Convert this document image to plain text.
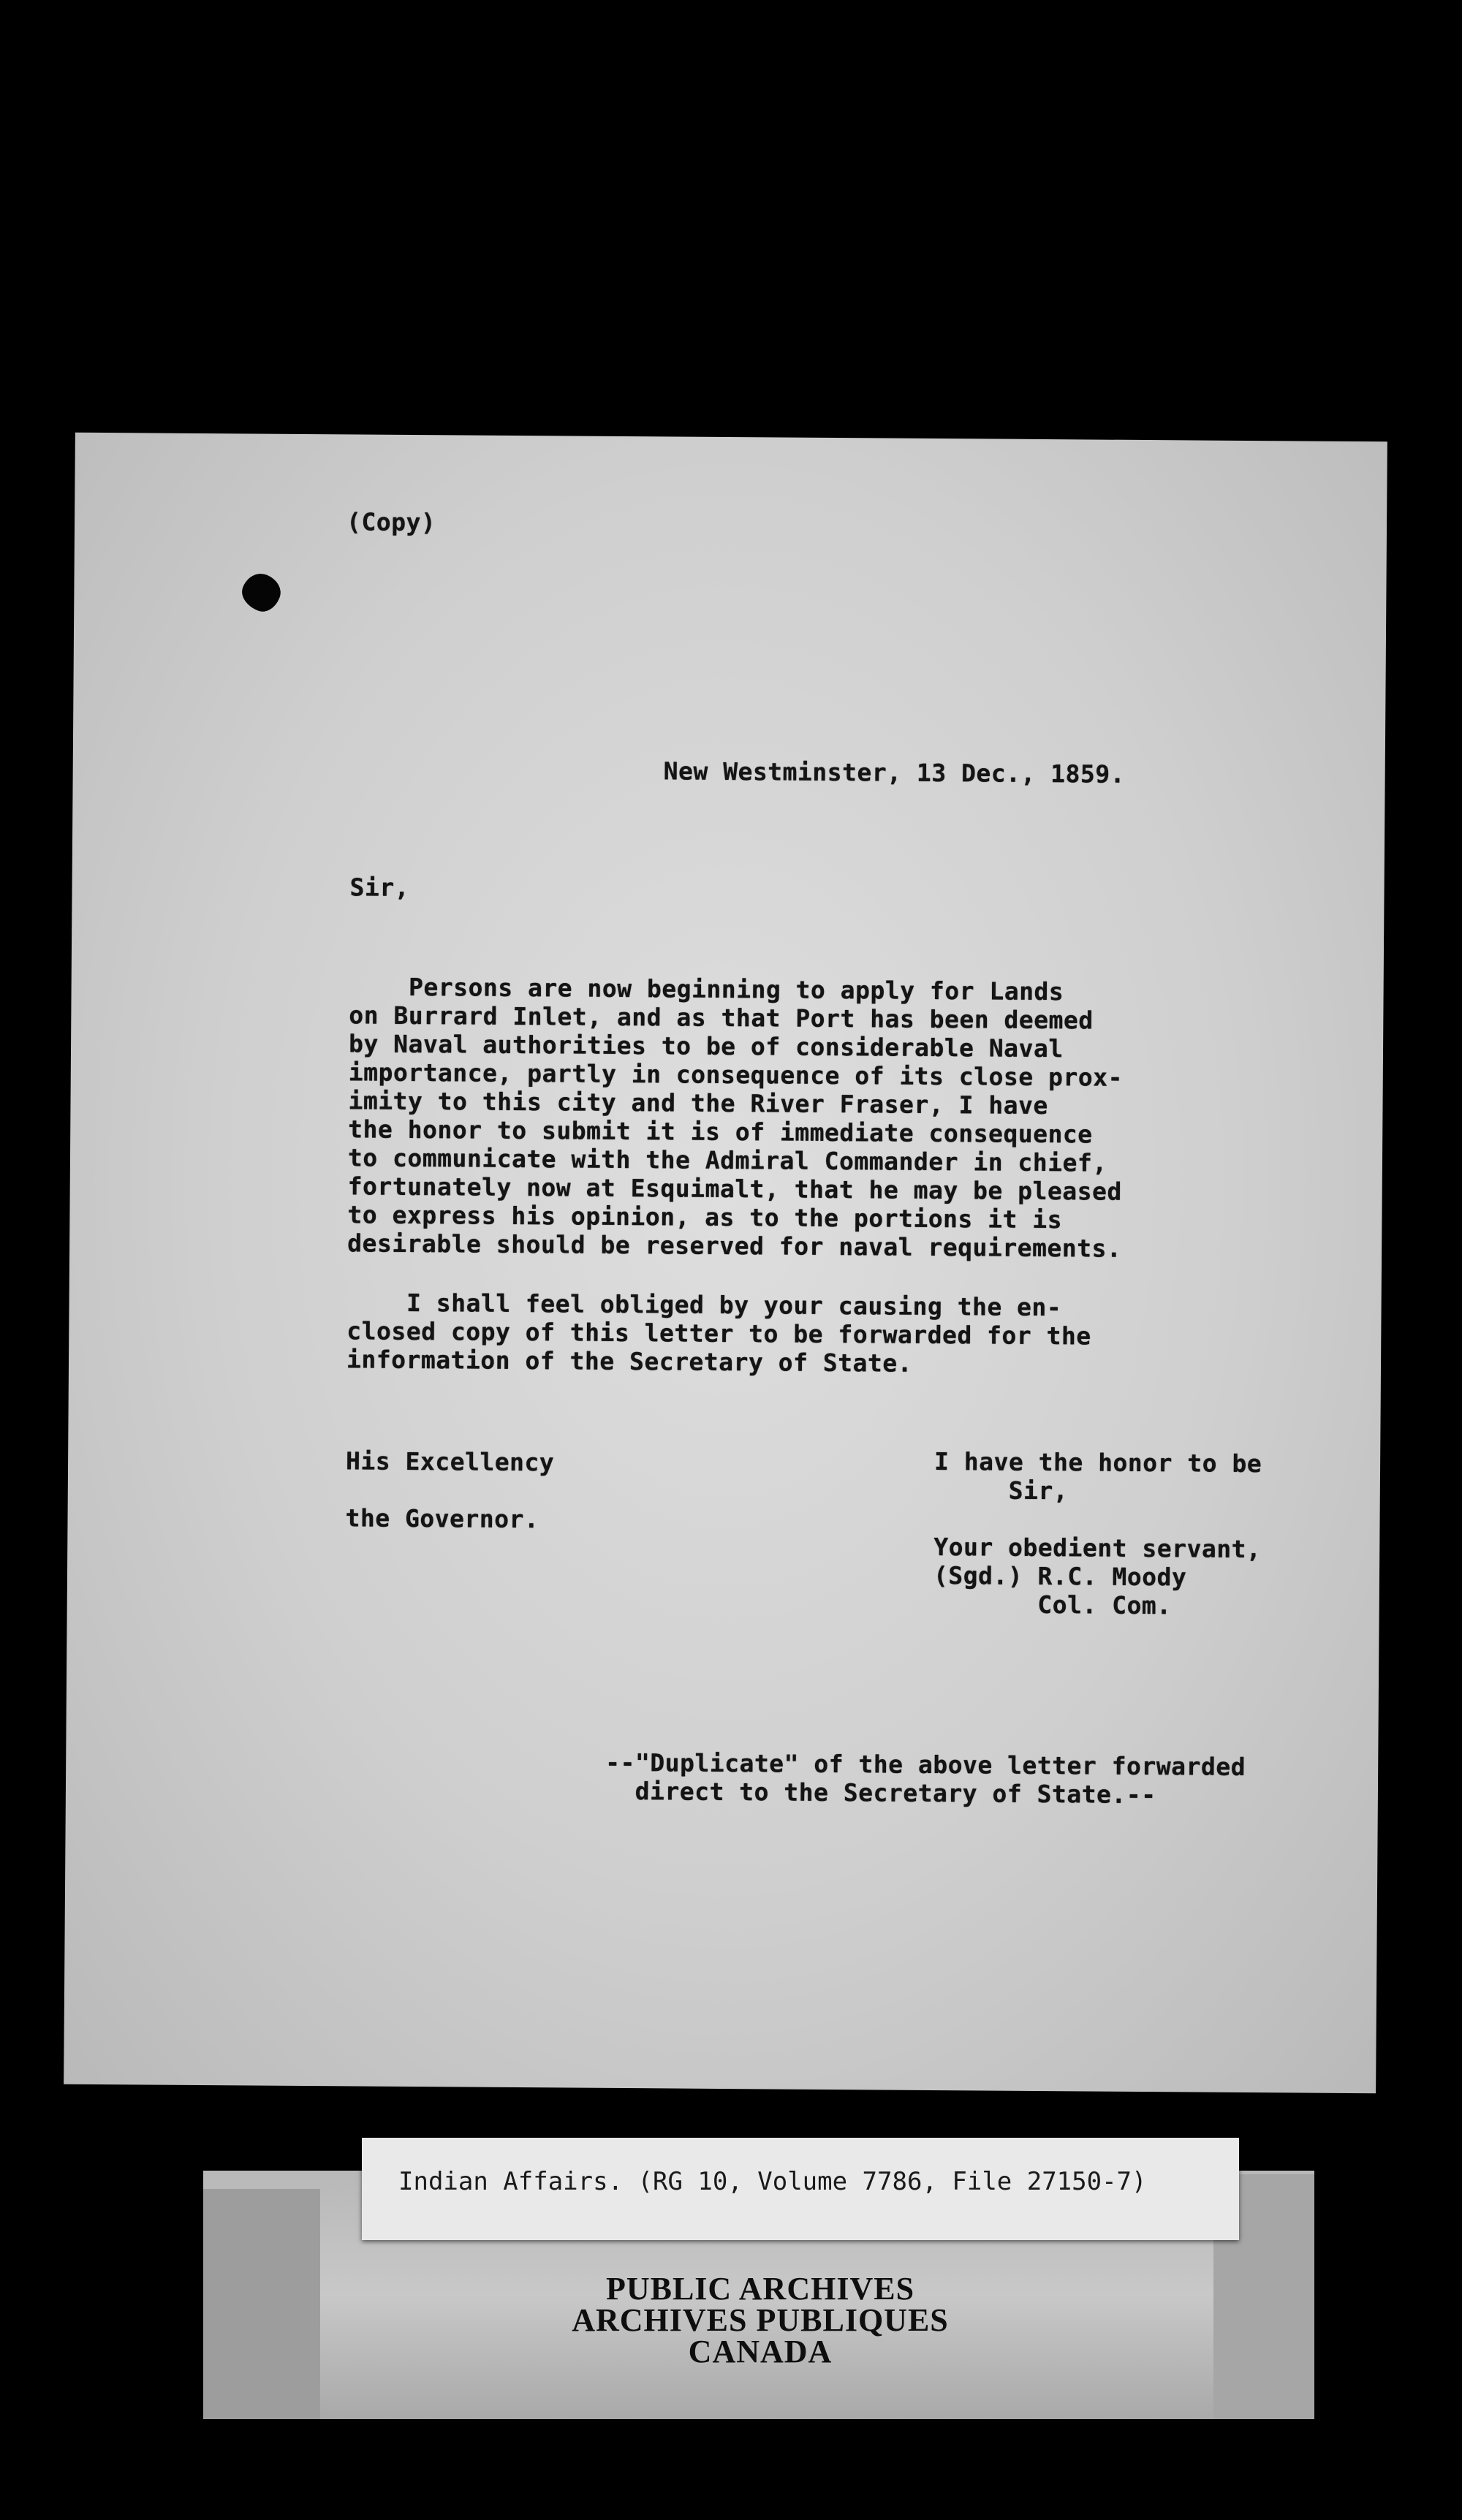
(Copy)
New Westminster, 13 Dec., 1859.
Sir,
Persons are now beginning to apply for Lands
on Burrard Inlet, and as that Port has been deemed
by Naval authorities to be of considerable Naval
importance, partly in consequence of its close prox-
imity to this city and the River Fraser, I have
the honor to submit it is of immediate consequence
to communicate with the Admiral Commander in chief,
fortunately now at Esquimalt, that he may be pleased
to express his opinion, as to the portions it is
desirable should be reserved for naval requirements.
I shall feel obliged by your causing the en-
closed copy of this letter to be forwarded for the
information of the Secretary of State.
His Excellency
the Governor.
I have the honor to be
Sir,
Your obedient servant,
(Sgd.) R.C. Moody
Col. Com.
--"Duplicate" of the above letter forwarded
direct to the Secretary of State.--
Indian Affairs. (RG 10, Volume 7786, File 27150-7)
PUBLIC ARCHIVES
ARCHIVES PUBLIQUES
CANADA
